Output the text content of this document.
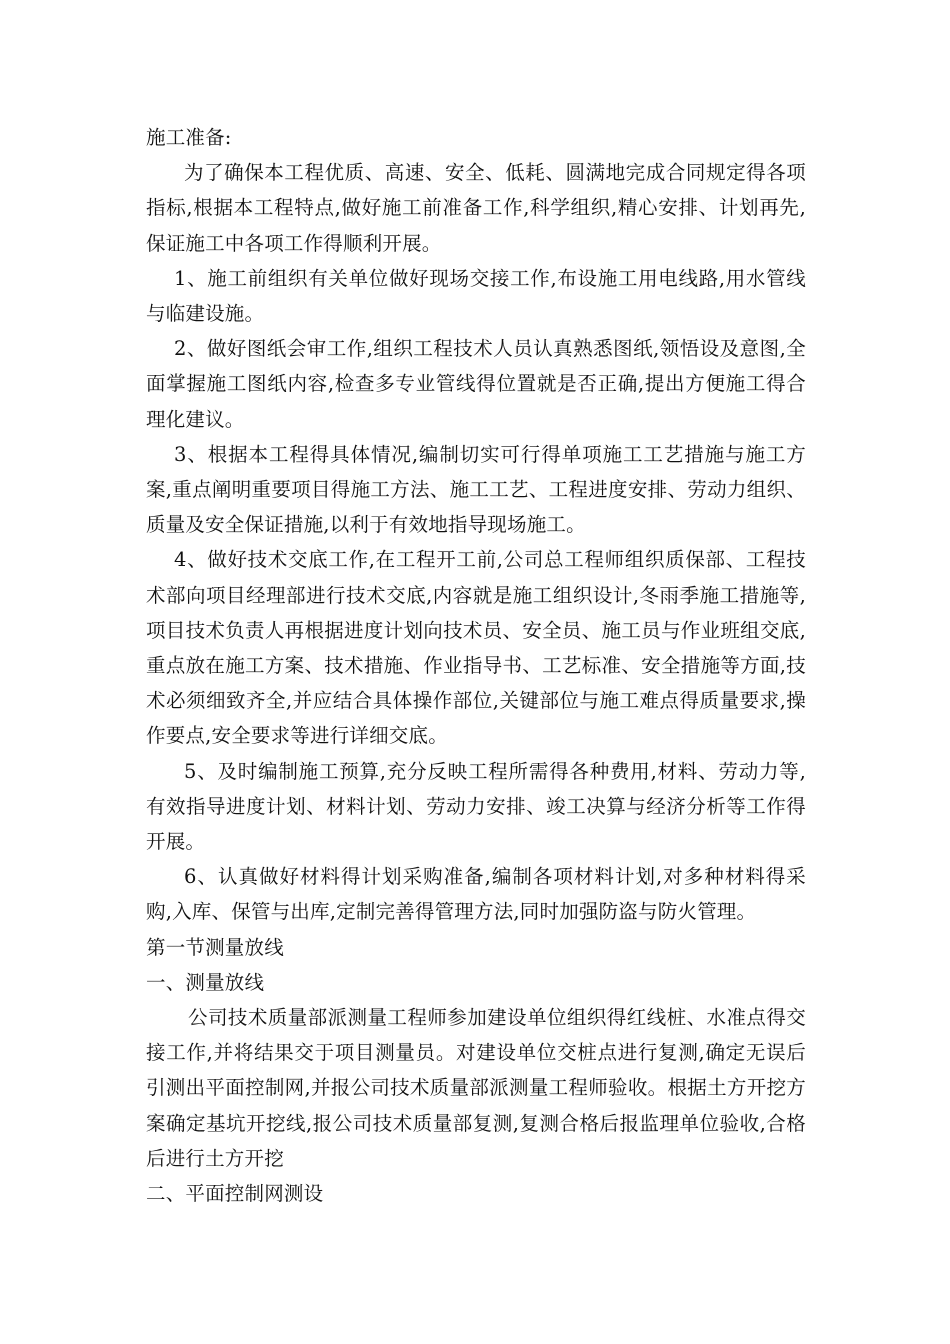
施工准备:

为了确保本工程优质、高速、安全、低耗、圆满地完成合同规定得各项指标,根据本工程特点,做好施工前准备工作,科学组织,精心安排、计划再先,保证施工中各项工作得顺利开展。

1、施工前组织有关单位做好现场交接工作,布设施工用电线路,用水管线与临建设施。

2、做好图纸会审工作,组织工程技术人员认真熟悉图纸,领悟设及意图,全面掌握施工图纸内容,检查多专业管线得位置就是否正确,提出方便施工得合理化建议。

3、根据本工程得具体情况,编制切实可行得单项施工工艺措施与施工方案,重点阐明重要项目得施工方法、施工工艺、工程进度安排、劳动力组织、质量及安全保证措施,以利于有效地指导现场施工。

4、做好技术交底工作,在工程开工前,公司总工程师组织质保部、工程技术部向项目经理部进行技术交底,内容就是施工组织设计,冬雨季施工措施等,项目技术负责人再根据进度计划向技术员、安全员、施工员与作业班组交底,重点放在施工方案、技术措施、作业指导书、工艺标准、安全措施等方面,技术必须细致齐全,并应结合具体操作部位,关键部位与施工难点得质量要求,操作要点,安全要求等进行详细交底。

5、及时编制施工预算,充分反映工程所需得各种费用,材料、劳动力等,有效指导进度计划、材料计划、劳动力安排、竣工决算与经济分析等工作得开展。

6、认真做好材料得计划采购准备,编制各项材料计划,对多种材料得采购,入库、保管与出库,定制完善得管理方法,同时加强防盗与防火管理。

第一节测量放线

一、测量放线

公司技术质量部派测量工程师参加建设单位组织得红线桩、水准点得交接工作,并将结果交于项目测量员。对建设单位交桩点进行复测,确定无误后引测出平面控制网,并报公司技术质量部派测量工程师验收。根据土方开挖方案确定基坑开挖线,报公司技术质量部复测,复测合格后报监理单位验收,合格后进行土方开挖

二、平面控制网测设
